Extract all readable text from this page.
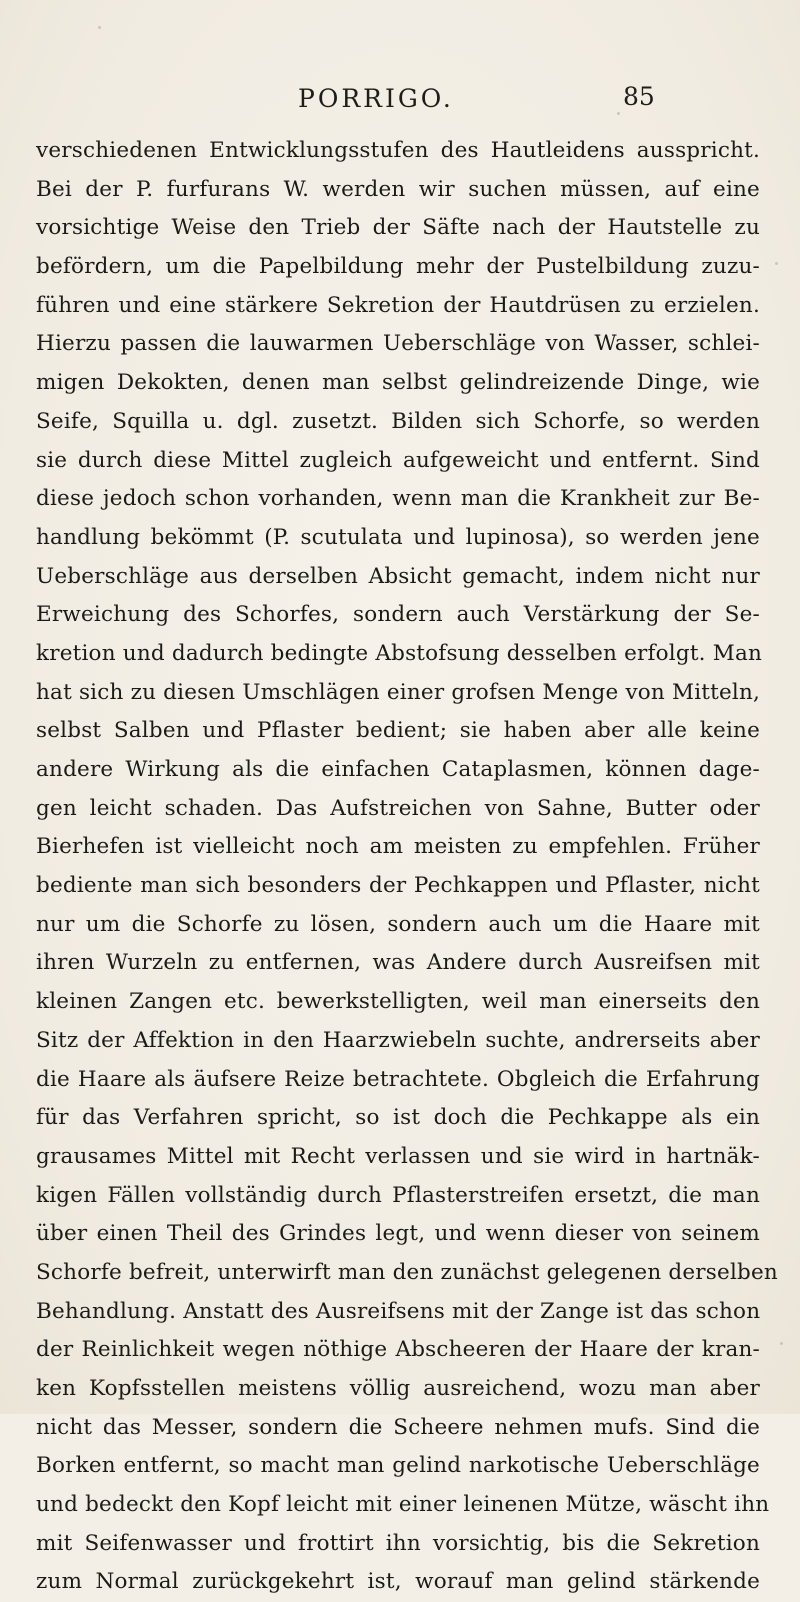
PORRIGO.	85
verschiedenen Entwicklungsstufen des Hautleidens ausspricht.
Bei der P. furfurans W. werden wir suchen müssen, auf eine
vorsichtige Weise den Trieb der Säfte nach der Hautstelle zu
befördern, um die Papelbildung mehr der Pustelbildung zuzu-
führen und eine stärkere Sekretion der Hautdrüsen zu erzielen.
Hierzu passen die lauwarmen Ueberschläge von Wasser, schlei-
migen Dekokten, denen man selbst gelindreizende Dinge, wie
Seife, Squilla u. dgl. zusetzt. Bilden sich Schorfe, so werden
sie durch diese Mittel zugleich aufgeweicht und entfernt. Sind
diese jedoch schon vorhanden, wenn man die Krankheit zur Be-
handlung bekömmt (P. scutulata und lupinosa), so werden jene
Ueberschläge aus derselben Absicht gemacht, indem nicht nur
Erweichung des Schorfes, sondern auch Verstärkung der Se-
kretion und dadurch bedingte Abstofsung desselben erfolgt. Man
hat sich zu diesen Umschlägen einer grofsen Menge von Mitteln,
selbst Salben und Pflaster bedient; sie haben aber alle keine
andere Wirkung als die einfachen Cataplasmen, können dage-
gen leicht schaden. Das Aufstreichen von Sahne, Butter oder
Bierhefen ist vielleicht noch am meisten zu empfehlen. Früher
bediente man sich besonders der Pechkappen und Pflaster, nicht
nur um die Schorfe zu lösen, sondern auch um die Haare mit
ihren Wurzeln zu entfernen, was Andere durch Ausreifsen mit
kleinen Zangen etc. bewerkstelligten, weil man einerseits den
Sitz der Affektion in den Haarzwiebeln suchte, andrerseits aber
die Haare als äufsere Reize betrachtete. Obgleich die Erfahrung
für das Verfahren spricht, so ist doch die Pechkappe als ein
grausames Mittel mit Recht verlassen und sie wird in hartnäk-
kigen Fällen vollständig durch Pflasterstreifen ersetzt, die man
über einen Theil des Grindes legt, und wenn dieser von seinem
Schorfe befreit, unterwirft man den zunächst gelegenen derselben
Behandlung. Anstatt des Ausreifsens mit der Zange ist das schon
der Reinlichkeit wegen nöthige Abscheeren der Haare der kran-
ken Kopfsstellen meistens völlig ausreichend, wozu man aber
nicht das Messer, sondern die Scheere nehmen mufs. Sind die
Borken entfernt, so macht man gelind narkotische Ueberschläge
und bedeckt den Kopf leicht mit einer leinenen Mütze, wäscht ihn
mit Seifenwasser und frottirt ihn vorsichtig, bis die Sekretion
zum Normal zurückgekehrt ist, worauf man gelind stärkende
